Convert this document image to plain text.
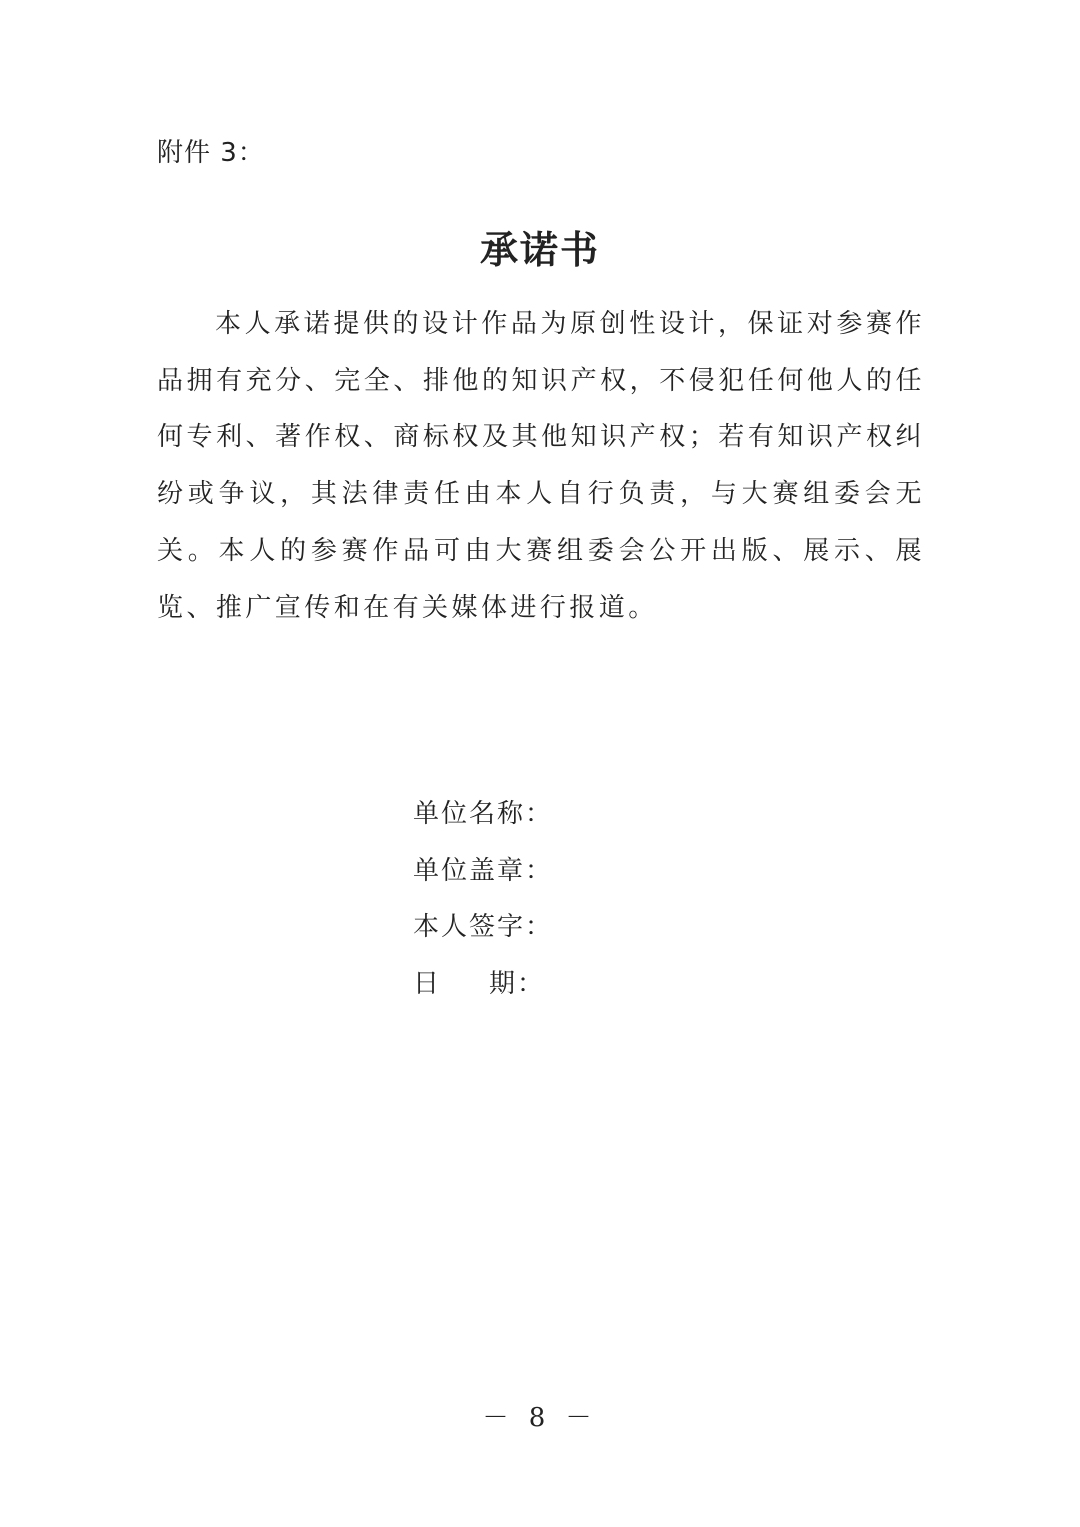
附件 3：
承诺书

本人承诺提供的设计作品为原创性设计，保证对参赛作品拥有充分、完全、排他的知识产权，不侵犯任何他人的任何专利、著作权、商标权及其他知识产权；若有知识产权纠纷或争议，其法律责任由本人自行负责，与大赛组委会无关。本人的参赛作品可由大赛组委会公开出版、展示、展览、推广宣传和在有关媒体进行报道。

单位名称：
单位盖章：
本人签字：
日 期：
－ 8 －
